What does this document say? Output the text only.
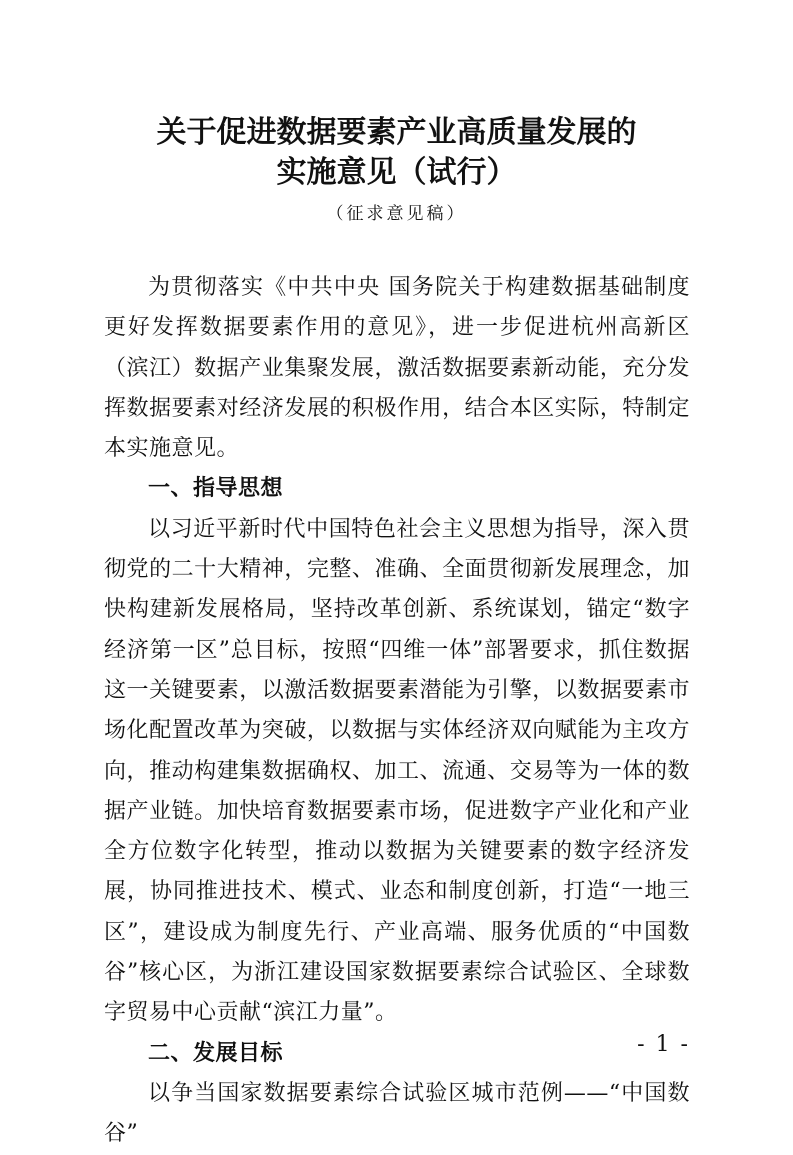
关于促进数据要素产业高质量发展的
实施意见（试行）
（征求意见稿）

为贯彻落实《中共中央 国务院关于构建数据基础制度更好发挥数据要素作用的意见》，进一步促进杭州高新区（滨江）数据产业集聚发展，激活数据要素新动能，充分发挥数据要素对经济发展的积极作用，结合本区实际，特制定本实施意见。

一、指导思想

以习近平新时代中国特色社会主义思想为指导，深入贯彻党的二十大精神，完整、准确、全面贯彻新发展理念，加快构建新发展格局，坚持改革创新、系统谋划，锚定“数字经济第一区”总目标，按照“四维一体”部署要求，抓住数据这一关键要素，以激活数据要素潜能为引擎，以数据要素市场化配置改革为突破，以数据与实体经济双向赋能为主攻方向，推动构建集数据确权、加工、流通、交易等为一体的数据产业链。加快培育数据要素市场，促进数字产业化和产业全方位数字化转型，推动以数据为关键要素的数字经济发展，协同推进技术、模式、业态和制度创新，打造“一地三区”，建设成为制度先行、产业高端、服务优质的“中国数谷”核心区，为浙江建设国家数据要素综合试验区、全球数字贸易中心贡献“滨江力量”。

二、发展目标

以争当国家数据要素综合试验区城市范例——“中国数谷”

- 1 -
